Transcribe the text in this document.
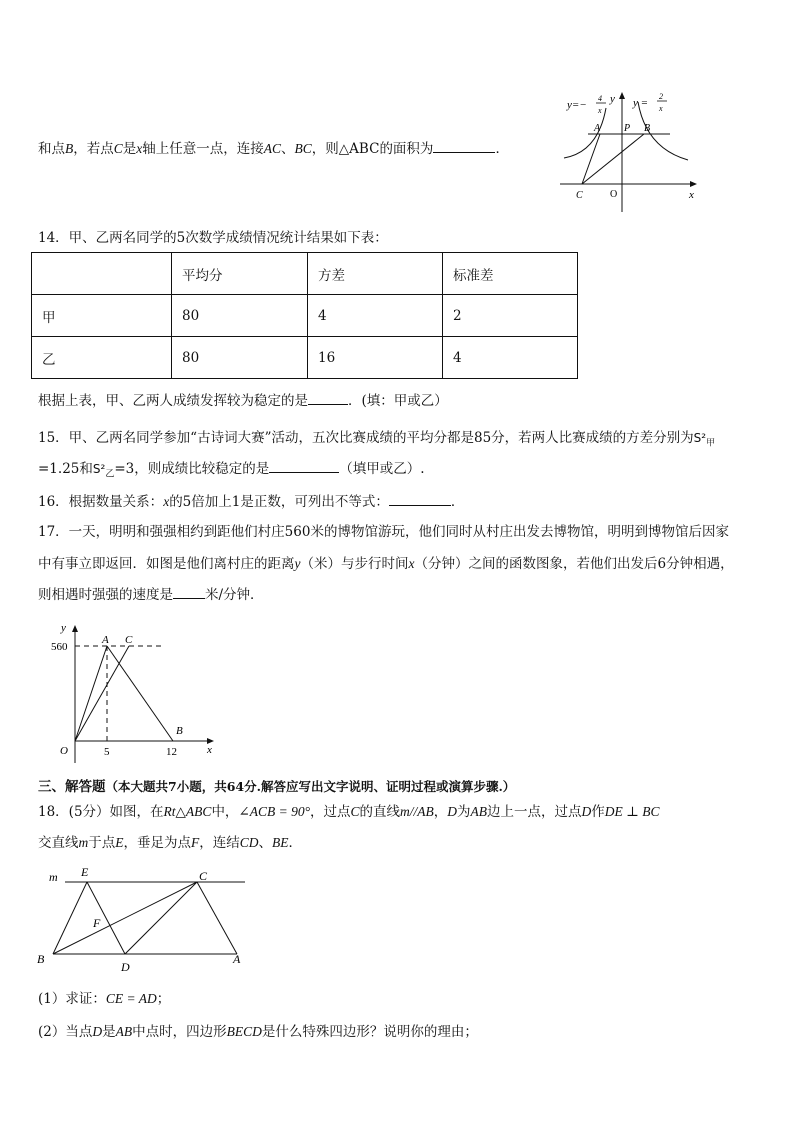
和点B，若点C是x轴上任意一点，连接AC、BC，则△ABC的面积为	．
y=−
4
x
y =
2
x
y
x
A P B
C	O
14．甲、乙两名同学的5次数学成绩情况统计结果如下表：
	平均分	方差	标准差
甲	80	4	2
乙	80	16	4
根据上表，甲、乙两人成绩发挥较为稳定的是	．(填：甲或乙）
15．甲、乙两名同学参加“古诗词大赛”活动，五次比赛成绩的平均分都是85分，若两人比赛成绩的方差分别为$S^2_甲$
=1.25和$S^2_乙=3$，则成绩比较稳定的是	（填甲或乙）.
16．根据数量关系：x的5倍加上1是正数，可列出不等式：	．
17．一天，明明和强强相约到距他们村庄560米的博物馆游玩，他们同时从村庄出发去博物馆，明明到博物馆后因家
中有事立即返回．如图是他们离村庄的距离y（米）与步行时间x（分钟）之间的函数图象，若他们出发后6分钟相遇，
则相遇时强强的速度是 米/分钟．
y
x
560
A C
B
O	5	12
三、解答题（本大题共7小题，共64分.解答应写出文字说明、证明过程或演算步骤.）
18．(5分）如图，在Rt△ABC中，∠ACB = 90°，过点C的直线m//AB，D为AB边上一点，过点D作DE ⊥ BC
交直线m于点E，垂足为点F，连结CD、BE．
m E	C
F
B
D
A
(1）求证：CE = AD；
(2）当点D是AB中点时，四边形BECD是什么特殊四边形？说明你的理由；
